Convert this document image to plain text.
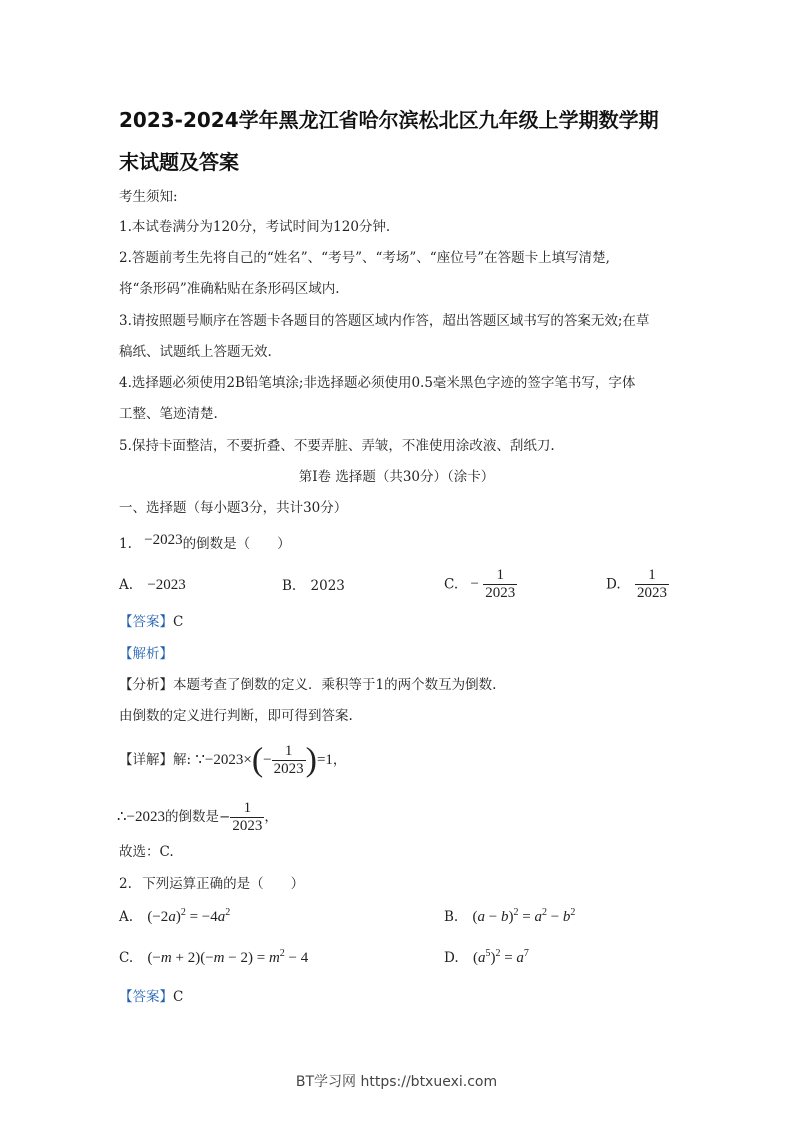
2023-2024学年黑龙江省哈尔滨松北区九年级上学期数学期
末试题及答案
考生须知:
1.本试卷满分为120分，考试时间为120分钟.
2.答题前考生先将自己的“姓名”、“考号”、“考场”、“座位号”在答题卡上填写清楚,
将“条形码”准确粘贴在条形码区域内.
3.请按照题号顺序在答题卡各题目的答题区域内作答，超出答题区域书写的答案无效;在草
稿纸、试题纸上答题无效.
4.选择题必须使用2B铅笔填涂;非选择题必须使用0.5毫米黑色字迹的签字笔书写，字体
工整、笔迹清楚.
5.保持卡面整洁，不要折叠、不要弄脏、弄皱，不准使用涂改液、刮纸刀.
第Ⅰ卷 选择题（共30分）（涂卡）
一、选择题（每小题3分，共计30分）
1. −2023的倒数是（　　）
A. −2023	B. 2023	C. − $\frac{1}{2023}$	D. $\frac{1}{2023}$
【答案】C
【解析】
【分析】本题考查了倒数的定义．乘积等于1的两个数互为倒数.
由倒数的定义进行判断，即可得到答案.
【详解】解: ∵−2023×(− $\frac{1}{2023} )=1$，
∴−2023的倒数是− $\frac{1}{2023}$ ，
故选：C.
2. 下列运算正确的是（　　）
A. $(-2a)^2 = -4a^2$	B. $(a - b)^2 = a^2 - b^2$
C. $(-m + 2)(-m - 2) = m^2 - 4$	D. $(a^5)^2 = a^7$
【答案】C
BT学习网 https://btxuexi.com
